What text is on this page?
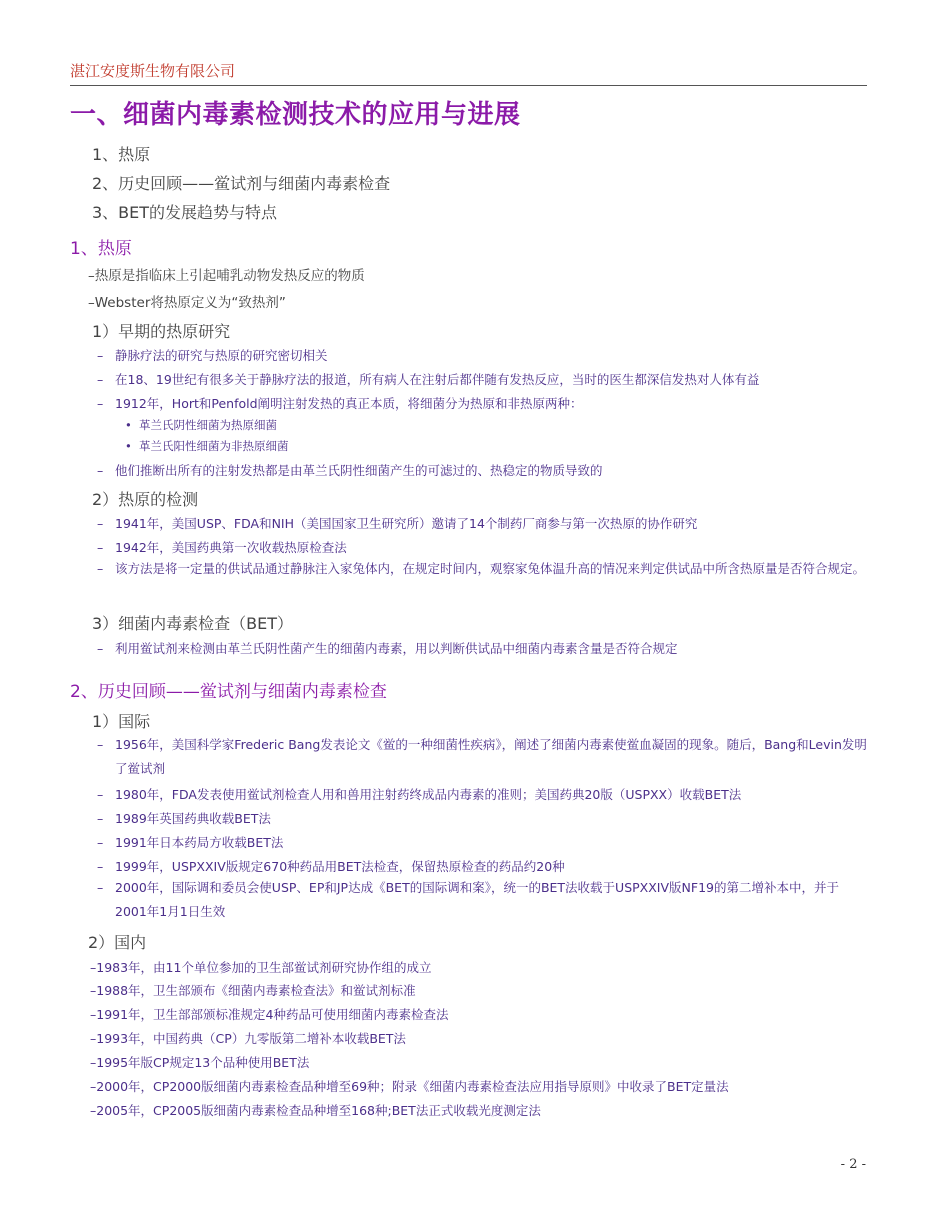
湛江安度斯生物有限公司
一、细菌内毒素检测技术的应用与进展
1、热原
2、历史回顾——鲎试剂与细菌内毒素检查
3、BET的发展趋势与特点
1、热原
–热原是指临床上引起哺乳动物发热反应的物质
–Webster将热原定义为“致热剂”
1）早期的热原研究
– 静脉疗法的研究与热原的研究密切相关
– 在18、19世纪有很多关于静脉疗法的报道，所有病人在注射后都伴随有发热反应，当时的医生都深信发热对人体有益
– 1912年，Hort和Penfold阐明注射发热的真正本质，将细菌分为热原和非热原两种：
• 革兰氏阴性细菌为热原细菌
• 革兰氏阳性细菌为非热原细菌
– 他们推断出所有的注射发热都是由革兰氏阴性细菌产生的可滤过的、热稳定的物质导致的
2）热原的检测
– 1941年，美国USP、FDA和NIH（美国国家卫生研究所）邀请了14个制药厂商参与第一次热原的协作研究
– 1942年，美国药典第一次收载热原检查法
– 该方法是将一定量的供试品通过静脉注入家兔体内，在规定时间内，观察家兔体温升高的情况来判定供试品中所含热原量是否符合规定。
3）细菌内毒素检查（BET）
– 利用鲎试剂来检测由革兰氏阴性菌产生的细菌内毒素，用以判断供试品中细菌内毒素含量是否符合规定
2、历史回顾——鲎试剂与细菌内毒素检查
1）国际
– 1956年，美国科学家Frederic Bang发表论文《鲎的一种细菌性疾病》，阐述了细菌内毒素使鲎血凝固的现象。随后，Bang和Levin发明了鲎试剂
– 1980年，FDA发表使用鲎试剂检查人用和兽用注射药终成品内毒素的准则；美国药典20版（USPXX）收载BET法
– 1989年英国药典收载BET法
– 1991年日本药局方收载BET法
– 1999年，USPXXIV版规定670种药品用BET法检查，保留热原检查的药品约20种
– 2000年，国际调和委员会使USP、EP和JP达成《BET的国际调和案》，统一的BET法收载于USPXXIV版NF19的第二增补本中，并于2001年1月1日生效
2）国内
–1983年，由11个单位参加的卫生部鲎试剂研究协作组的成立
–1988年，卫生部颁布《细菌内毒素检查法》和鲎试剂标准
–1991年，卫生部部颁标准规定4种药品可使用细菌内毒素检查法
–1993年，中国药典（CP）九零版第二增补本收载BET法
–1995年版CP规定13个品种使用BET法
–2000年，CP2000版细菌内毒素检查品种增至69种；附录《细菌内毒素检查法应用指导原则》中收录了BET定量法
–2005年，CP2005版细菌内毒素检查品种增至168种;BET法正式收载光度测定法
- 2 -
